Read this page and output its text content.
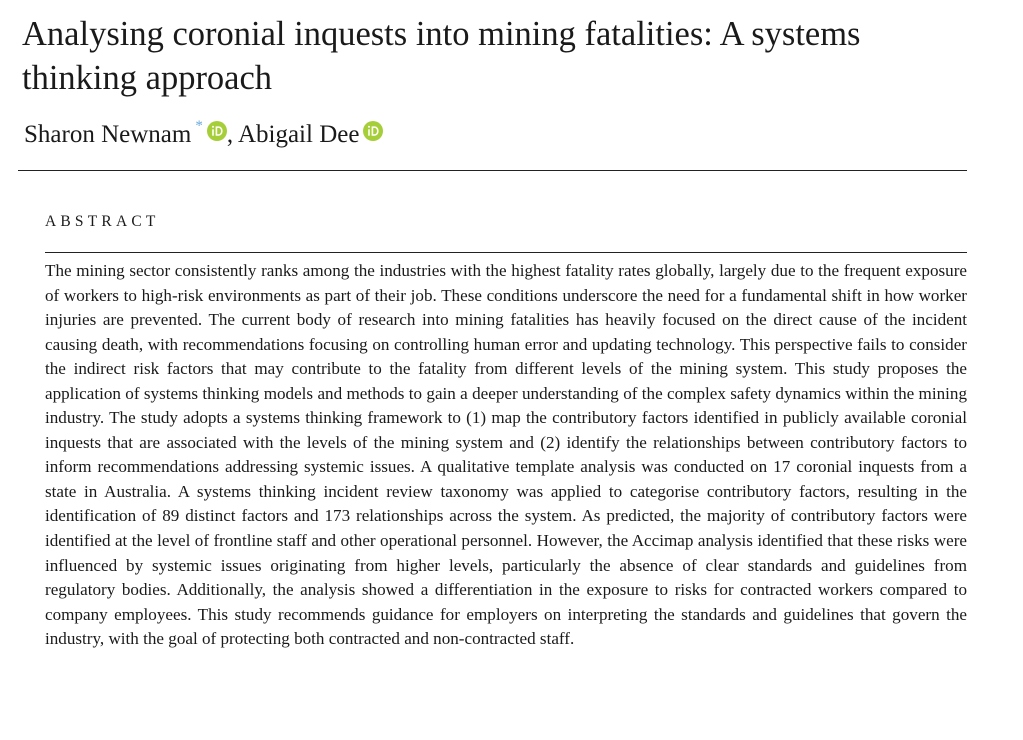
Analysing coronial inquests into mining fatalities: A systems thinking approach
Sharon Newnam * , Abigail Dee
ABSTRACT

The mining sector consistently ranks among the industries with the highest fatality rates globally, largely due to the frequent exposure of workers to high-risk environments as part of their job. These conditions underscore the need for a fundamental shift in how worker injuries are prevented. The current body of research into mining fatalities has heavily focused on the direct cause of the incident causing death, with recommendations focusing on controlling human error and updating technology. This perspective fails to consider the indirect risk factors that may contribute to the fatality from different levels of the mining system. This study proposes the application of systems thinking models and methods to gain a deeper understanding of the complex safety dynamics within the mining industry. The study adopts a systems thinking framework to (1) map the contributory factors identified in publicly available coronial inquests that are associated with the levels of the mining system and (2) identify the relationships between contributory factors to inform recommendations addressing systemic issues. A qualitative template analysis was conducted on 17 coronial inquests from a state in Australia. A systems thinking incident review taxonomy was applied to categorise contributory factors, resulting in the identification of 89 distinct factors and 173 relationships across the system. As predicted, the majority of contributory factors were identified at the level of frontline staff and other operational personnel. However, the Accimap analysis identified that these risks were influenced by systemic issues originating from higher levels, particularly the absence of clear standards and guidelines from regulatory bodies. Additionally, the analysis showed a differentiation in the exposure to risks for contracted workers compared to company employees. This study recommends guidance for employers on interpreting the standards and guidelines that govern the industry, with the goal of protecting both contracted and non-contracted staff.
